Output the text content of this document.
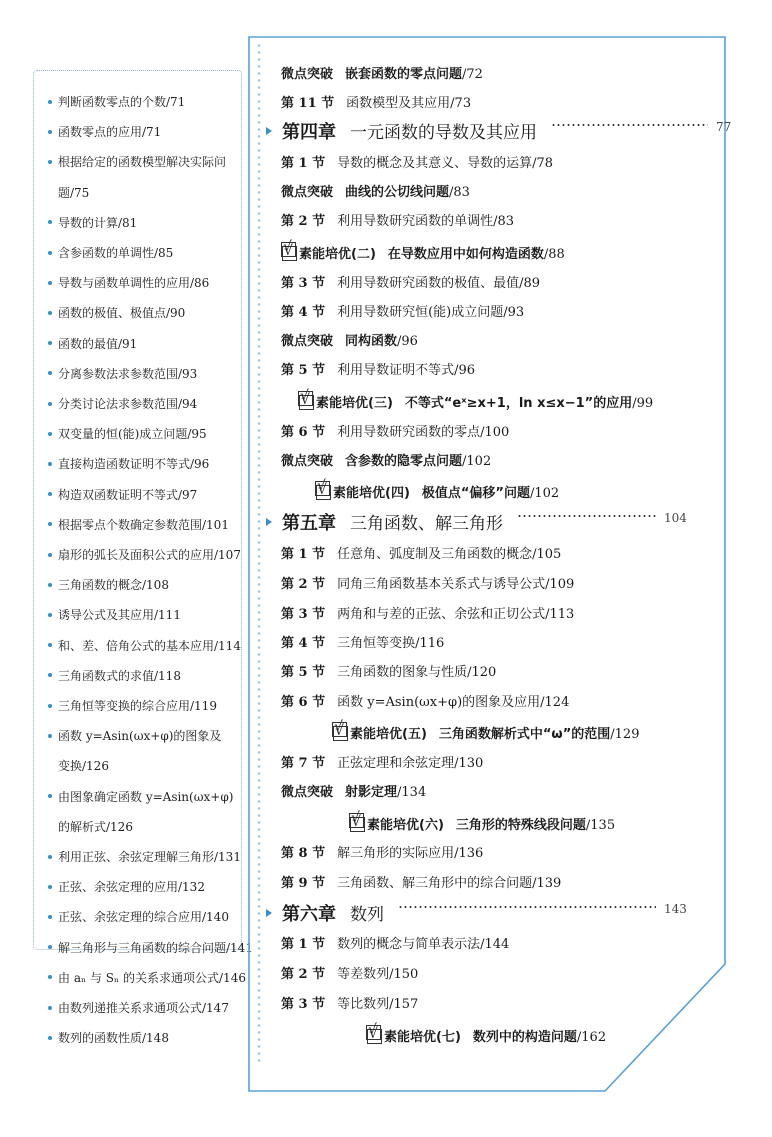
判断函数零点的个数/71
函数零点的应用/71
根据给定的函数模型解决实际问
题/75
导数的计算/81
含参函数的单调性/85
导数与函数单调性的应用/86
函数的极值、极值点/90
函数的最值/91
分离参数法求参数范围/93
分类讨论法求参数范围/94
双变量的恒(能)成立问题/95
直接构造函数证明不等式/96
构造双函数证明不等式/97
根据零点个数确定参数范围/101
扇形的弧长及面积公式的应用/107
三角函数的概念/108
诱导公式及其应用/111
和、差、倍角公式的基本应用/114
三角函数式的求值/118
三角恒等变换的综合应用/119
函数 y=Asin(ωx+φ)的图象及
变换/126
由图象确定函数 y=Asin(ωx+φ)
的解析式/126
利用正弦、余弦定理解三角形/131
正弦、余弦定理的应用/132
正弦、余弦定理的综合应用/140
解三角形与三角函数的综合问题/141
由 aₙ 与 Sₙ 的关系求通项公式/146
由数列递推关系求通项公式/147
数列的函数性质/148
微点突破 嵌套函数的零点问题/72
第 11 节 函数模型及其应用/73
第四章 一元函数的导数及其应用	77
第 1 节 导数的概念及其意义、导数的运算/78
微点突破 曲线的公切线问题/83
第 2 节 利用导数研究函数的单调性/83
√素能培优(二) 在导数应用中如何构造函数/88 √
第 3 节 利用导数研究函数的极值、最值/89
第 4 节 利用导数研究恒(能)成立问题/93
微点突破 同构函数/96
第 5 节 利用导数证明不等式/96
√素能培优(三) 不等式“eˣ≥x+1，ln x≤x−1”的应用/99 √
第 6 节 利用导数研究函数的零点/100
微点突破 含参数的隐零点问题/102
√素能培优(四) 极值点“偏移”问题/102 √
第五章 三角函数、解三角形	104
第 1 节 任意角、弧度制及三角函数的概念/105
第 2 节 同角三角函数基本关系式与诱导公式/109
第 3 节 两角和与差的正弦、余弦和正切公式/113
第 4 节 三角恒等变换/116
第 5 节 三角函数的图象与性质/120
第 6 节 函数 y=Asin(ωx+φ)的图象及应用/124
√素能培优(五) 三角函数解析式中“ω”的范围/129 √
第 7 节 正弦定理和余弦定理/130
微点突破 射影定理/134
√素能培优(六) 三角形的特殊线段问题/135 √
第 8 节 解三角形的实际应用/136
第 9 节 三角函数、解三角形中的综合问题/139
第六章 数列	143
第 1 节 数列的概念与简单表示法/144
第 2 节 等差数列/150
第 3 节 等比数列/157
√素能培优(七) 数列中的构造问题/162 √
